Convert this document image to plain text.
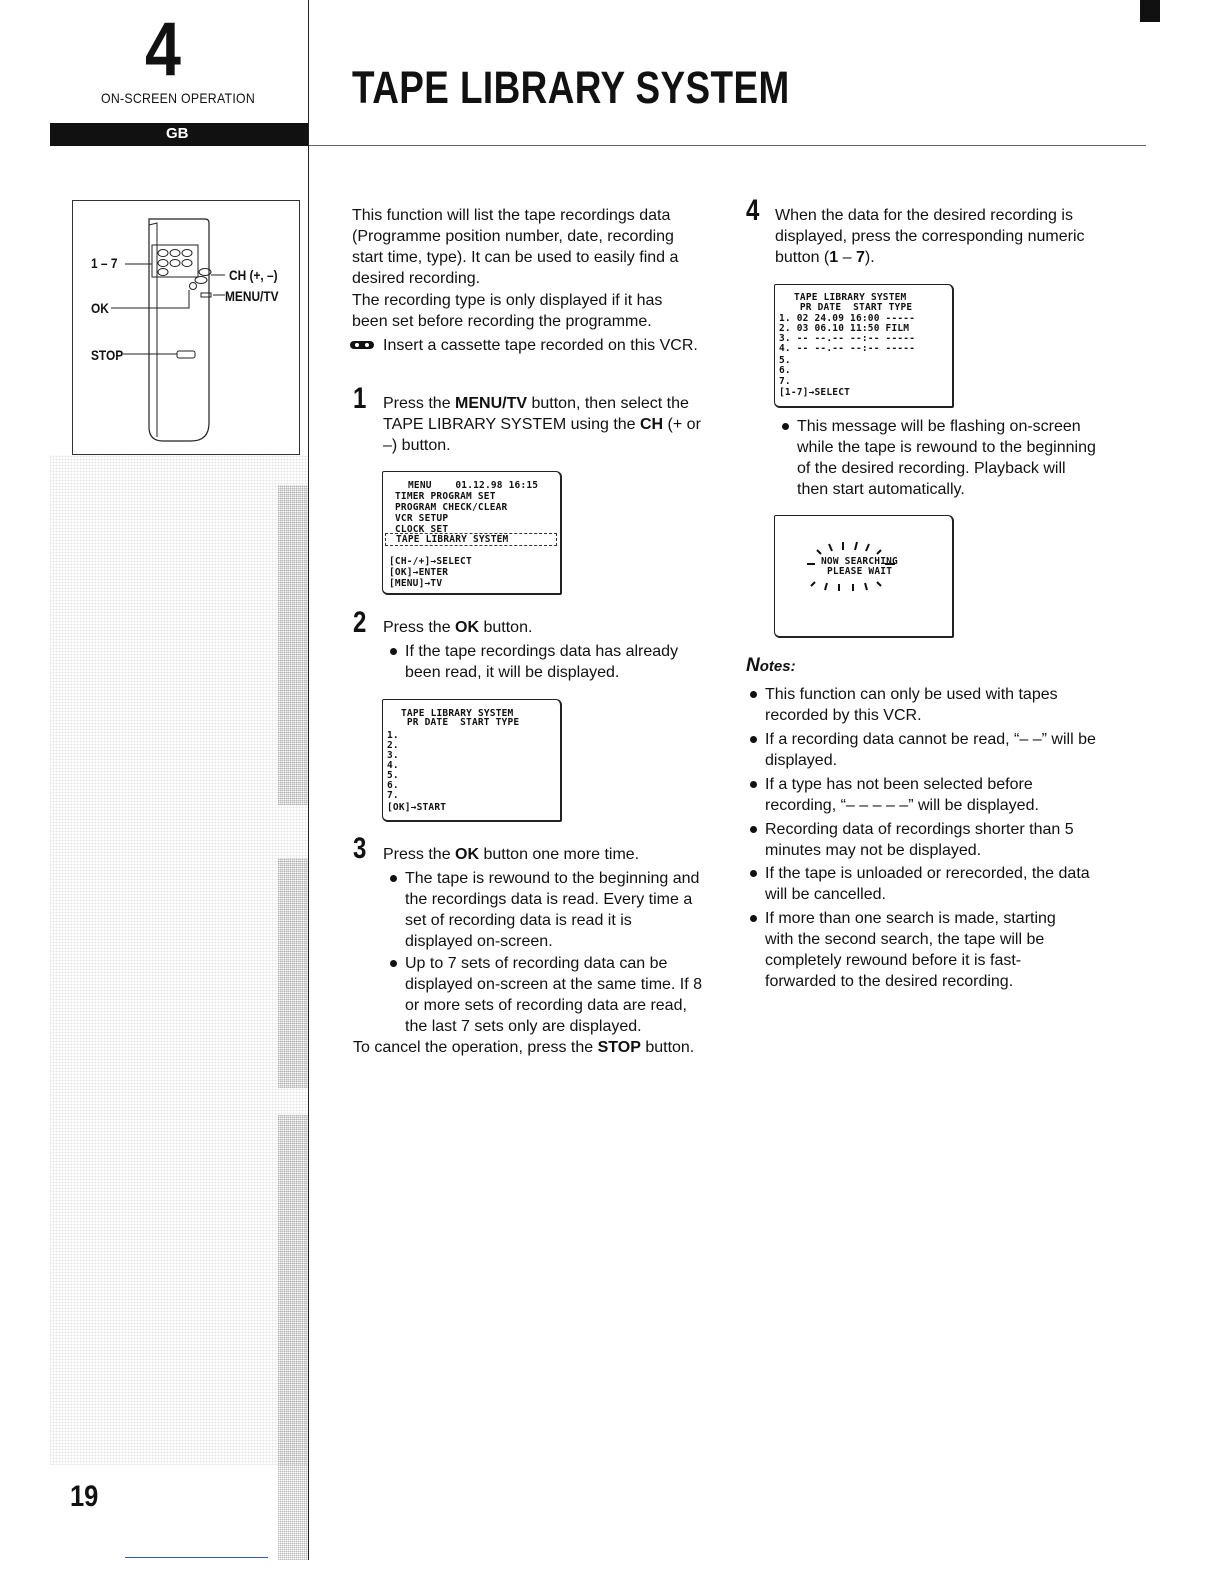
4
ON-SCREEN OPERATION
GB
TAPE LIBRARY SYSTEM
1 – 7
CH (+, –)
MENU/TV
OK
STOP
This function will list the tape recordings data (Programme position number, date, recording start time, type). It can be used to easily find a desired recording.
The recording type is only displayed if it has been set before recording the programme.
Insert a cassette tape recorded on this VCR.
1 Press the MENU/TV button, then select the TAPE LIBRARY SYSTEM using the CH (+ or –) button.
MENU    01.12.98 16:15
TIMER PROGRAM SET
PROGRAM CHECK/CLEAR
VCR SETUP
CLOCK SET
TAPE LIBRARY SYSTEM
[CH-/+]→SELECT
[OK]→ENTER
[MENU]→TV
2 Press the OK button.
If the tape recordings data has already been read, it will be displayed.
TAPE LIBRARY SYSTEM
PR DATE  START TYPE
1.
2.
3.
4.
5.
6.
7.
[OK]→START
3 Press the OK button one more time.
The tape is rewound to the beginning and the recordings data is read. Every time a set of recording data is read it is displayed on-screen.
Up to 7 sets of recording data can be displayed on-screen at the same time. If 8 or more sets of recording data are read, the last 7 sets only are displayed.
To cancel the operation, press the STOP button.
4 When the data for the desired recording is displayed, press the corresponding numeric button (1 – 7).
TAPE LIBRARY SYSTEM
PR DATE  START TYPE
1. 02 24.09 16:00 -----
2. 03 06.10 11:50 FILM
3. -- --.-- --:-- -----
4. -- --.-- --:-- -----
5.
6.
7.
[1-7]→SELECT
This message will be flashing on-screen while the tape is rewound to the beginning of the desired recording. Playback will then start automatically.
NOW SEARCHING
PLEASE WAIT
Notes:
This function can only be used with tapes recorded by this VCR.
If a recording data cannot be read, “– –” will be displayed.
If a type has not been selected before recording, “– – – – –” will be displayed.
Recording data of recordings shorter than 5 minutes may not be displayed.
If the tape is unloaded or rerecorded, the data will be cancelled.
If more than one search is made, starting with the second search, the tape will be completely rewound before it is fast-forwarded to the desired recording.
19
